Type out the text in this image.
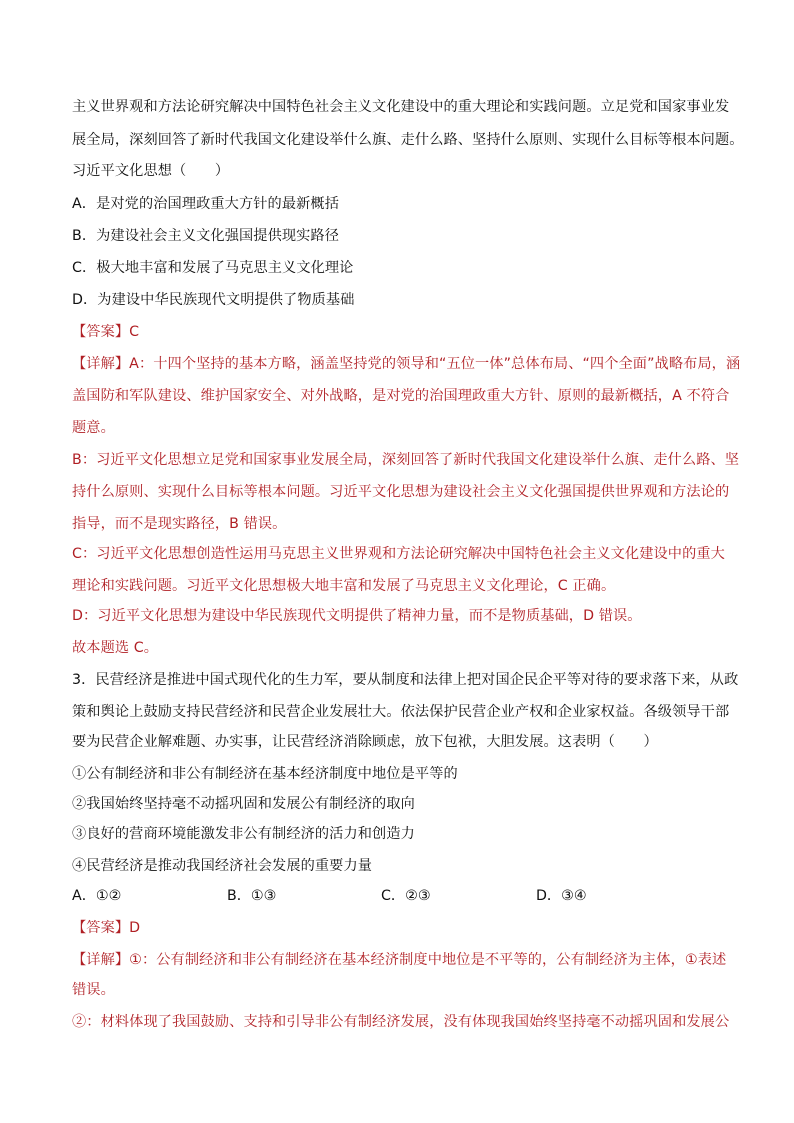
主义世界观和方法论研究解决中国特色社会主义文化建设中的重大理论和实践问题。立足党和国家事业发
展全局，深刻回答了新时代我国文化建设举什么旗、走什么路、坚持什么原则、实现什么目标等根本问题。
习近平文化思想（　　）
A．是对党的治国理政重大方针的最新概括
B．为建设社会主义文化强国提供现实路径
C．极大地丰富和发展了马克思主义文化理论
D．为建设中华民族现代文明提供了物质基础
【答案】C
【详解】A：十四个坚持的基本方略，涵盖坚持党的领导和“五位一体”总体布局、“四个全面”战略布局，涵
盖国防和军队建设、维护国家安全、对外战略，是对党的治国理政重大方针、原则的最新概括，A 不符合
题意。
B：习近平文化思想立足党和国家事业发展全局，深刻回答了新时代我国文化建设举什么旗、走什么路、坚
持什么原则、实现什么目标等根本问题。习近平文化思想为建设社会主义文化强国提供世界观和方法论的
指导，而不是现实路径，B 错误。
C：习近平文化思想创造性运用马克思主义世界观和方法论研究解决中国特色社会主义文化建设中的重大
理论和实践问题。习近平文化思想极大地丰富和发展了马克思主义文化理论，C 正确。
D：习近平文化思想为建设中华民族现代文明提供了精神力量，而不是物质基础，D 错误。
故本题选 C。
3．民营经济是推进中国式现代化的生力军，要从制度和法律上把对国企民企平等对待的要求落下来，从政
策和舆论上鼓励支持民营经济和民营企业发展壮大。依法保护民营企业产权和企业家权益。各级领导干部
要为民营企业解难题、办实事，让民营经济消除顾虑，放下包袱，大胆发展。这表明（　　）
①公有制经济和非公有制经济在基本经济制度中地位是平等的
②我国始终坚持毫不动摇巩固和发展公有制经济的取向
③良好的营商环境能激发非公有制经济的活力和创造力
④民营经济是推动我国经济社会发展的重要力量
A．①②	B．①③	C．②③	D．③④
【答案】D
【详解】①：公有制经济和非公有制经济在基本经济制度中地位是不平等的，公有制经济为主体，①表述
错误。
②：材料体现了我国鼓励、支持和引导非公有制经济发展，没有体现我国始终坚持毫不动摇巩固和发展公
